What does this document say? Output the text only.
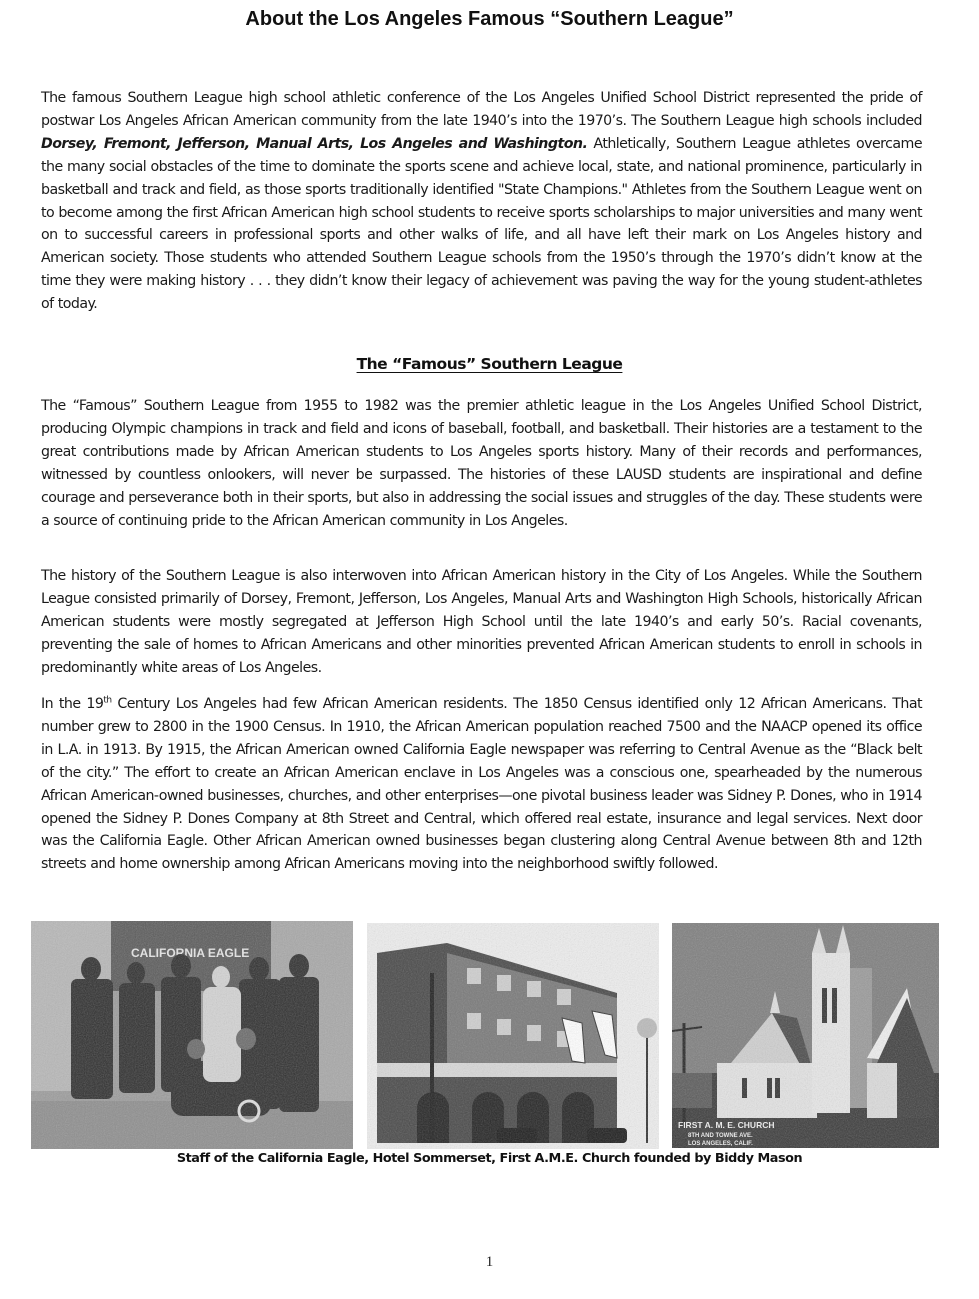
About the Los Angeles Famous “Southern League”

The famous Southern League high school athletic conference of the Los Angeles Unified School District represented the pride of postwar Los Angeles African American community from the late 1940’s into the 1970’s. The Southern League high schools included Dorsey, Fremont, Jefferson, Manual Arts, Los Angeles and Washington. Athletically, Southern League athletes overcame the many social obstacles of the time to dominate the sports scene and achieve local, state, and national prominence, particularly in basketball and track and field, as those sports traditionally identified "State Champions." Athletes from the Southern League went on to become among the first African American high school students to receive sports scholarships to major universities and many went on to successful careers in professional sports and other walks of life, and all have left their mark on Los Angeles history and American society. Those students who attended Southern League schools from the 1950’s through the 1970’s didn’t know at the time they were making history . . . they didn’t know their legacy of achievement was paving the way for the young student-athletes of today.

The “Famous” Southern League

The “Famous” Southern League from 1955 to 1982 was the premier athletic league in the Los Angeles Unified School District, producing Olympic champions in track and field and icons of baseball, football, and basketball. Their histories are a testament to the great contributions made by African American students to Los Angeles sports history. Many of their records and performances, witnessed by countless onlookers, will never be surpassed. The histories of these LAUSD students are inspirational and define courage and perseverance both in their sports, but also in addressing the social issues and struggles of the day. These students were a source of continuing pride to the African American community in Los Angeles.

The history of the Southern League is also interwoven into African American history in the City of Los Angeles. While the Southern League consisted primarily of Dorsey, Fremont, Jefferson, Los Angeles, Manual Arts and Washington High Schools, historically African American students were mostly segregated at Jefferson High School until the late 1940’s and early 50’s. Racial covenants, preventing the sale of homes to African Americans and other minorities prevented African American students to enroll in schools in predominantly white areas of Los Angeles.

In the 19th Century Los Angeles had few African American residents. The 1850 Census identified only 12 African Americans. That number grew to 2800 in the 1900 Census. In 1910, the African American population reached 7500 and the NAACP opened its office in L.A. in 1913. By 1915, the African American owned California Eagle newspaper was referring to Central Avenue as the “Black belt of the city.” The effort to create an African American enclave in Los Angeles was a conscious one, spearheaded by the numerous African American-owned businesses, churches, and other enterprises—one pivotal business leader was Sidney P. Dones, who in 1914 opened the Sidney P. Dones Company at 8th Street and Central, which offered real estate, insurance and legal services. Next door was the California Eagle. Other African American owned businesses began clustering along Central Avenue between 8th and 12th streets and home ownership among African Americans moving into the neighborhood swiftly followed.

Staff of the California Eagle, Hotel Sommerset, First A.M.E. Church founded by Biddy Mason

1
